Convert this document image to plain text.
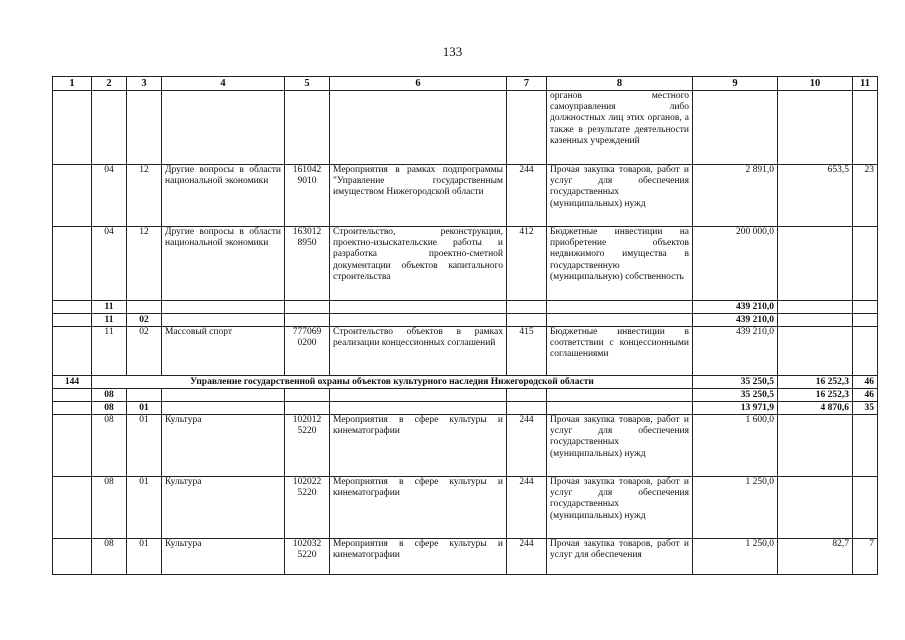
133
1	2	3	4	5	6	7	8	9	10	11
							органов местного самоуправления либо должностных лиц этих органов, а также в результате деятельности казенных учреждений			
	04	12	Другие вопросы в области национальной экономики	161042 9010	Мероприятия в рамках подпрограммы "Управление государственным имуществом Нижегородской области	244	Прочая закупка товаров, работ и услуг для обеспечения государственных (муниципальных) нужд	2 891,0	653,5	23
	04	12	Другие вопросы в области национальной экономики	163012 8950	Строительство, реконструкция, проектно-изыскательские работы и разработка проектно-сметной документации объектов капитального строительства	412	Бюджетные инвестиции на приобретение объектов недвижимого имущества в государственную (муниципальную) собственность	200 000,0		
	11							439 210,0		
	11	02						439 210,0		
	11	02	Массовый спорт	777069 0200	Строительство объектов в рамках реализации концессионных соглашений	415	Бюджетные инвестиции в соответствии с концессионными соглашениями	439 210,0		
144	Управление государственной охраны объектов культурного наследия Нижегородской области							35 250,5	16 252,3	46
	08							35 250,5	16 252,3	46
	08	01						13 971,9	4 870,6	35
	08	01	Культура	102012 5220	Мероприятия в сфере культуры и кинематографии	244	Прочая закупка товаров, работ и услуг для обеспечения государственных (муниципальных) нужд	1 600,0		
	08	01	Культура	102022 5220	Мероприятия в сфере культуры и кинематографии	244	Прочая закупка товаров, работ и услуг для обеспечения государственных (муниципальных) нужд	1 250,0		
	08	01	Культура	102032 5220	Мероприятия в сфере культуры и кинематографии	244	Прочая закупка товаров, работ и услуг для обеспечения	1 250,0	82,7	7
